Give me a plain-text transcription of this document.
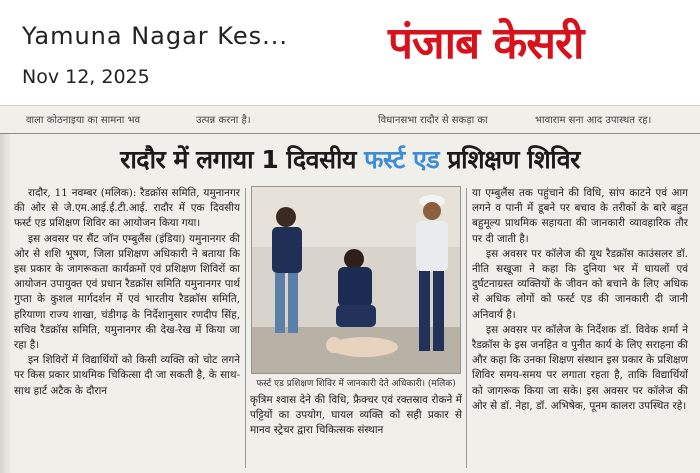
Yamuna Nagar Kes...
Nov 12, 2025
पंजाब केसरी
वाला कोठनाइया का सामना भव	उत्पन्न करना है।	विधानसभा रादौर से सकड़ा का	भावाराम सना आद उपास्थत रह।
रादौर में लगाया 1 दिवसीय फर्स्ट एड प्रशिक्षण शिविर

रादौर, 11 नवम्बर (मलिक): रैडक्रॉस समिति, यमुनानगर की ओर से जे.एम.आई.ई.टी.आई. रादौर में एक दिवसीय फर्स्ट एड प्रशिक्षण शिविर का आयोजन किया गया।

इस अवसर पर सैंट जॉन एम्बुलैंस (इंडिया) यमुनानगर की ओर से शशि भूषण, जिला प्रशिक्षण अधिकारी ने बताया कि इस प्रकार के जागरूकता कार्यक्रमों एवं प्रशिक्षण शिविरों का आयोजन उपायुक्त एवं प्रधान रैडक्रॉस समिति यमुनानगर पार्थ गुप्ता के कुशल मार्गदर्शन में एवं भारतीय रैडक्रॉस समिति, हरियाणा राज्य शाखा, चंडीगढ़ के निर्देशानुसार रणदीप सिंह, सचिव रैडक्रॉस समिति, यमुनानगर की देख-रेख में किया जा रहा है।

इन शिविरों में विद्यार्थियों को किसी व्यक्ति को चोट लगने पर किस प्रकार प्राथमिक चिकित्सा दी जा सकती है, के साथ-साथ हार्ट अटैक के दौरान

फर्स्ट एड प्रशिक्षण शिविर में जानकारी देते अधिकारी। (मलिक)

कृत्रिम श्वास देने की विधि, फ्रैक्चर एवं रक्तस्राव रोकने में पट्टियों का उपयोग, घायल व्यक्ति को सही प्रकार से मानव स्ट्रेचर द्वारा चिकित्सक संस्थान

या एम्बुलैंस तक पहुंचाने की विधि, सांप काटने एवं आग लगने व पानी में डूबने पर बचाव के तरीकों के बारे बहुत बहुमूल्य प्राथमिक सहायता की जानकारी व्यावहारिक तौर पर दी जाती है।

इस अवसर पर कॉलेज की यूथ रैडक्रॉस काउंसलर डॉ. नीति सखूजा ने कहा कि दुनिया भर में घायलों एवं दुर्घटनाग्रस्त व्यक्तियों के जीवन को बचाने के लिए अधिक से अधिक लोगों को फर्स्ट एड की जानकारी दी जानी अनिवार्य है।

इस अवसर पर कॉलेज के निर्देशक डॉ. विवेक शर्मा ने रैडक्रॉस के इस जनहित व पुनीत कार्य के लिए सराहना की और कहा कि उनका शिक्षण संस्थान इस प्रकार के प्रशिक्षण शिविर समय-समय पर लगाता रहता है, ताकि विद्यार्थियों को जागरूक किया जा सके। इस अवसर पर कॉलेज की ओर से डॉ. नेहा, डॉ. अभिषेक, पूनम कालरा उपस्थित रहे।
